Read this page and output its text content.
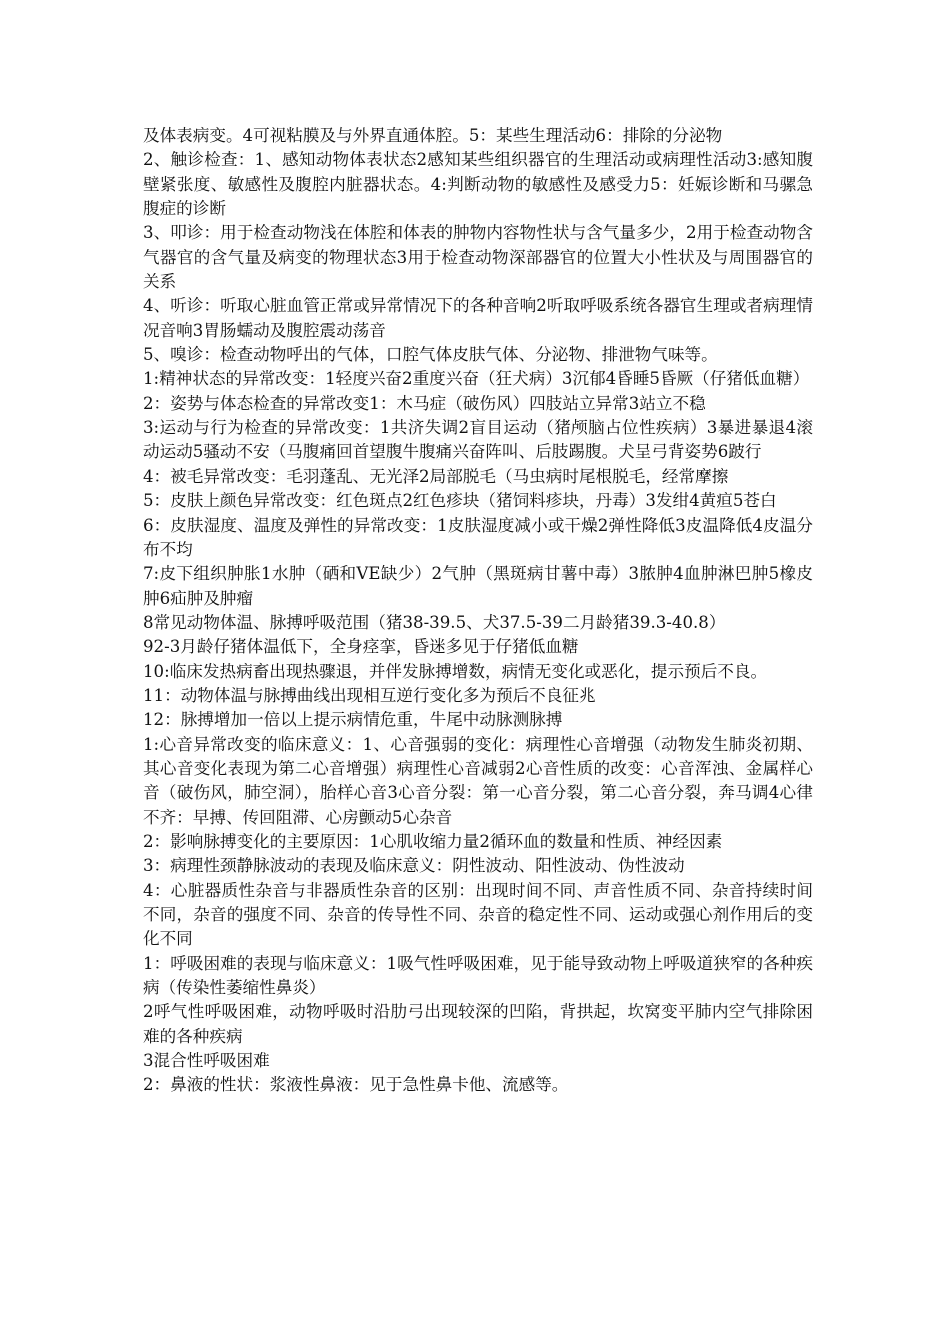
及体表病变。4可视粘膜及与外界直通体腔。5：某些生理活动6：排除的分泌物

2、触诊检查：1、感知动物体表状态2感知某些组织器官的生理活动或病理性活动3:感知腹壁紧张度、敏感性及腹腔内脏器状态。4:判断动物的敏感性及感受力5：妊娠诊断和马骡急腹症的诊断

3、叩诊：用于检查动物浅在体腔和体表的肿物内容物性状与含气量多少，2用于检查动物含气器官的含气量及病变的物理状态3用于检查动物深部器官的位置大小性状及与周围器官的关系

4、听诊：听取心脏血管正常或异常情况下的各种音响2听取呼吸系统各器官生理或者病理情况音响3胃肠蠕动及腹腔震动荡音

5、嗅诊：检查动物呼出的气体，口腔气体皮肤气体、分泌物、排泄物气味等。

1:精神状态的异常改变：1轻度兴奋2重度兴奋（狂犬病）3沉郁4昏睡5昏厥（仔猪低血糖）

2：姿势与体态检查的异常改变1：木马症（破伤风）四肢站立异常3站立不稳

3:运动与行为检查的异常改变：1共济失调2盲目运动（猪颅脑占位性疾病）3暴进暴退4滚动运动5骚动不安（马腹痛回首望腹牛腹痛兴奋阵叫、后肢踢腹。犬呈弓背姿势6跛行

4：被毛异常改变：毛羽蓬乱、无光泽2局部脱毛（马虫病时尾根脱毛，经常摩擦

5：皮肤上颜色异常改变：红色斑点2红色疹块（猪饲料疹块，丹毒）3发绀4黄疸5苍白

6：皮肤湿度、温度及弹性的异常改变：1皮肤湿度减小或干燥2弹性降低3皮温降低4皮温分布不均

7:皮下组织肿胀1水肿（硒和VE缺少）2气肿（黑斑病甘薯中毒）3脓肿4血肿淋巴肿5橡皮肿6疝肿及肿瘤

8常见动物体温、脉搏呼吸范围（猪38-39.5、犬37.5-39二月龄猪39.3-40.8）

92-3月龄仔猪体温低下，全身痉挛，昏迷多见于仔猪低血糖

10:临床发热病畜出现热骤退，并伴发脉搏增数，病情无变化或恶化，提示预后不良。

11：动物体温与脉搏曲线出现相互逆行变化多为预后不良征兆

12：脉搏增加一倍以上提示病情危重，牛尾中动脉测脉搏

1:心音异常改变的临床意义：1、心音强弱的变化：病理性心音增强（动物发生肺炎初期、其心音变化表现为第二心音增强）病理性心音减弱2心音性质的改变：心音浑浊、金属样心音（破伤风，肺空洞），胎样心音3心音分裂：第一心音分裂，第二心音分裂，奔马调4心律不齐：早搏、传回阻滞、心房颤动5心杂音

2：影响脉搏变化的主要原因：1心肌收缩力量2循环血的数量和性质、神经因素

3：病理性颈静脉波动的表现及临床意义：阴性波动、阳性波动、伪性波动

4：心脏器质性杂音与非器质性杂音的区别：出现时间不同、声音性质不同、杂音持续时间不同，杂音的强度不同、杂音的传导性不同、杂音的稳定性不同、运动或强心剂作用后的变化不同

1：呼吸困难的表现与临床意义：1吸气性呼吸困难，见于能导致动物上呼吸道狭窄的各种疾病（传染性萎缩性鼻炎）

2呼气性呼吸困难，动物呼吸时沿肋弓出现较深的凹陷，背拱起，坎窝变平肺内空气排除困难的各种疾病

3混合性呼吸困难

2：鼻液的性状：浆液性鼻液：见于急性鼻卡他、流感等。
